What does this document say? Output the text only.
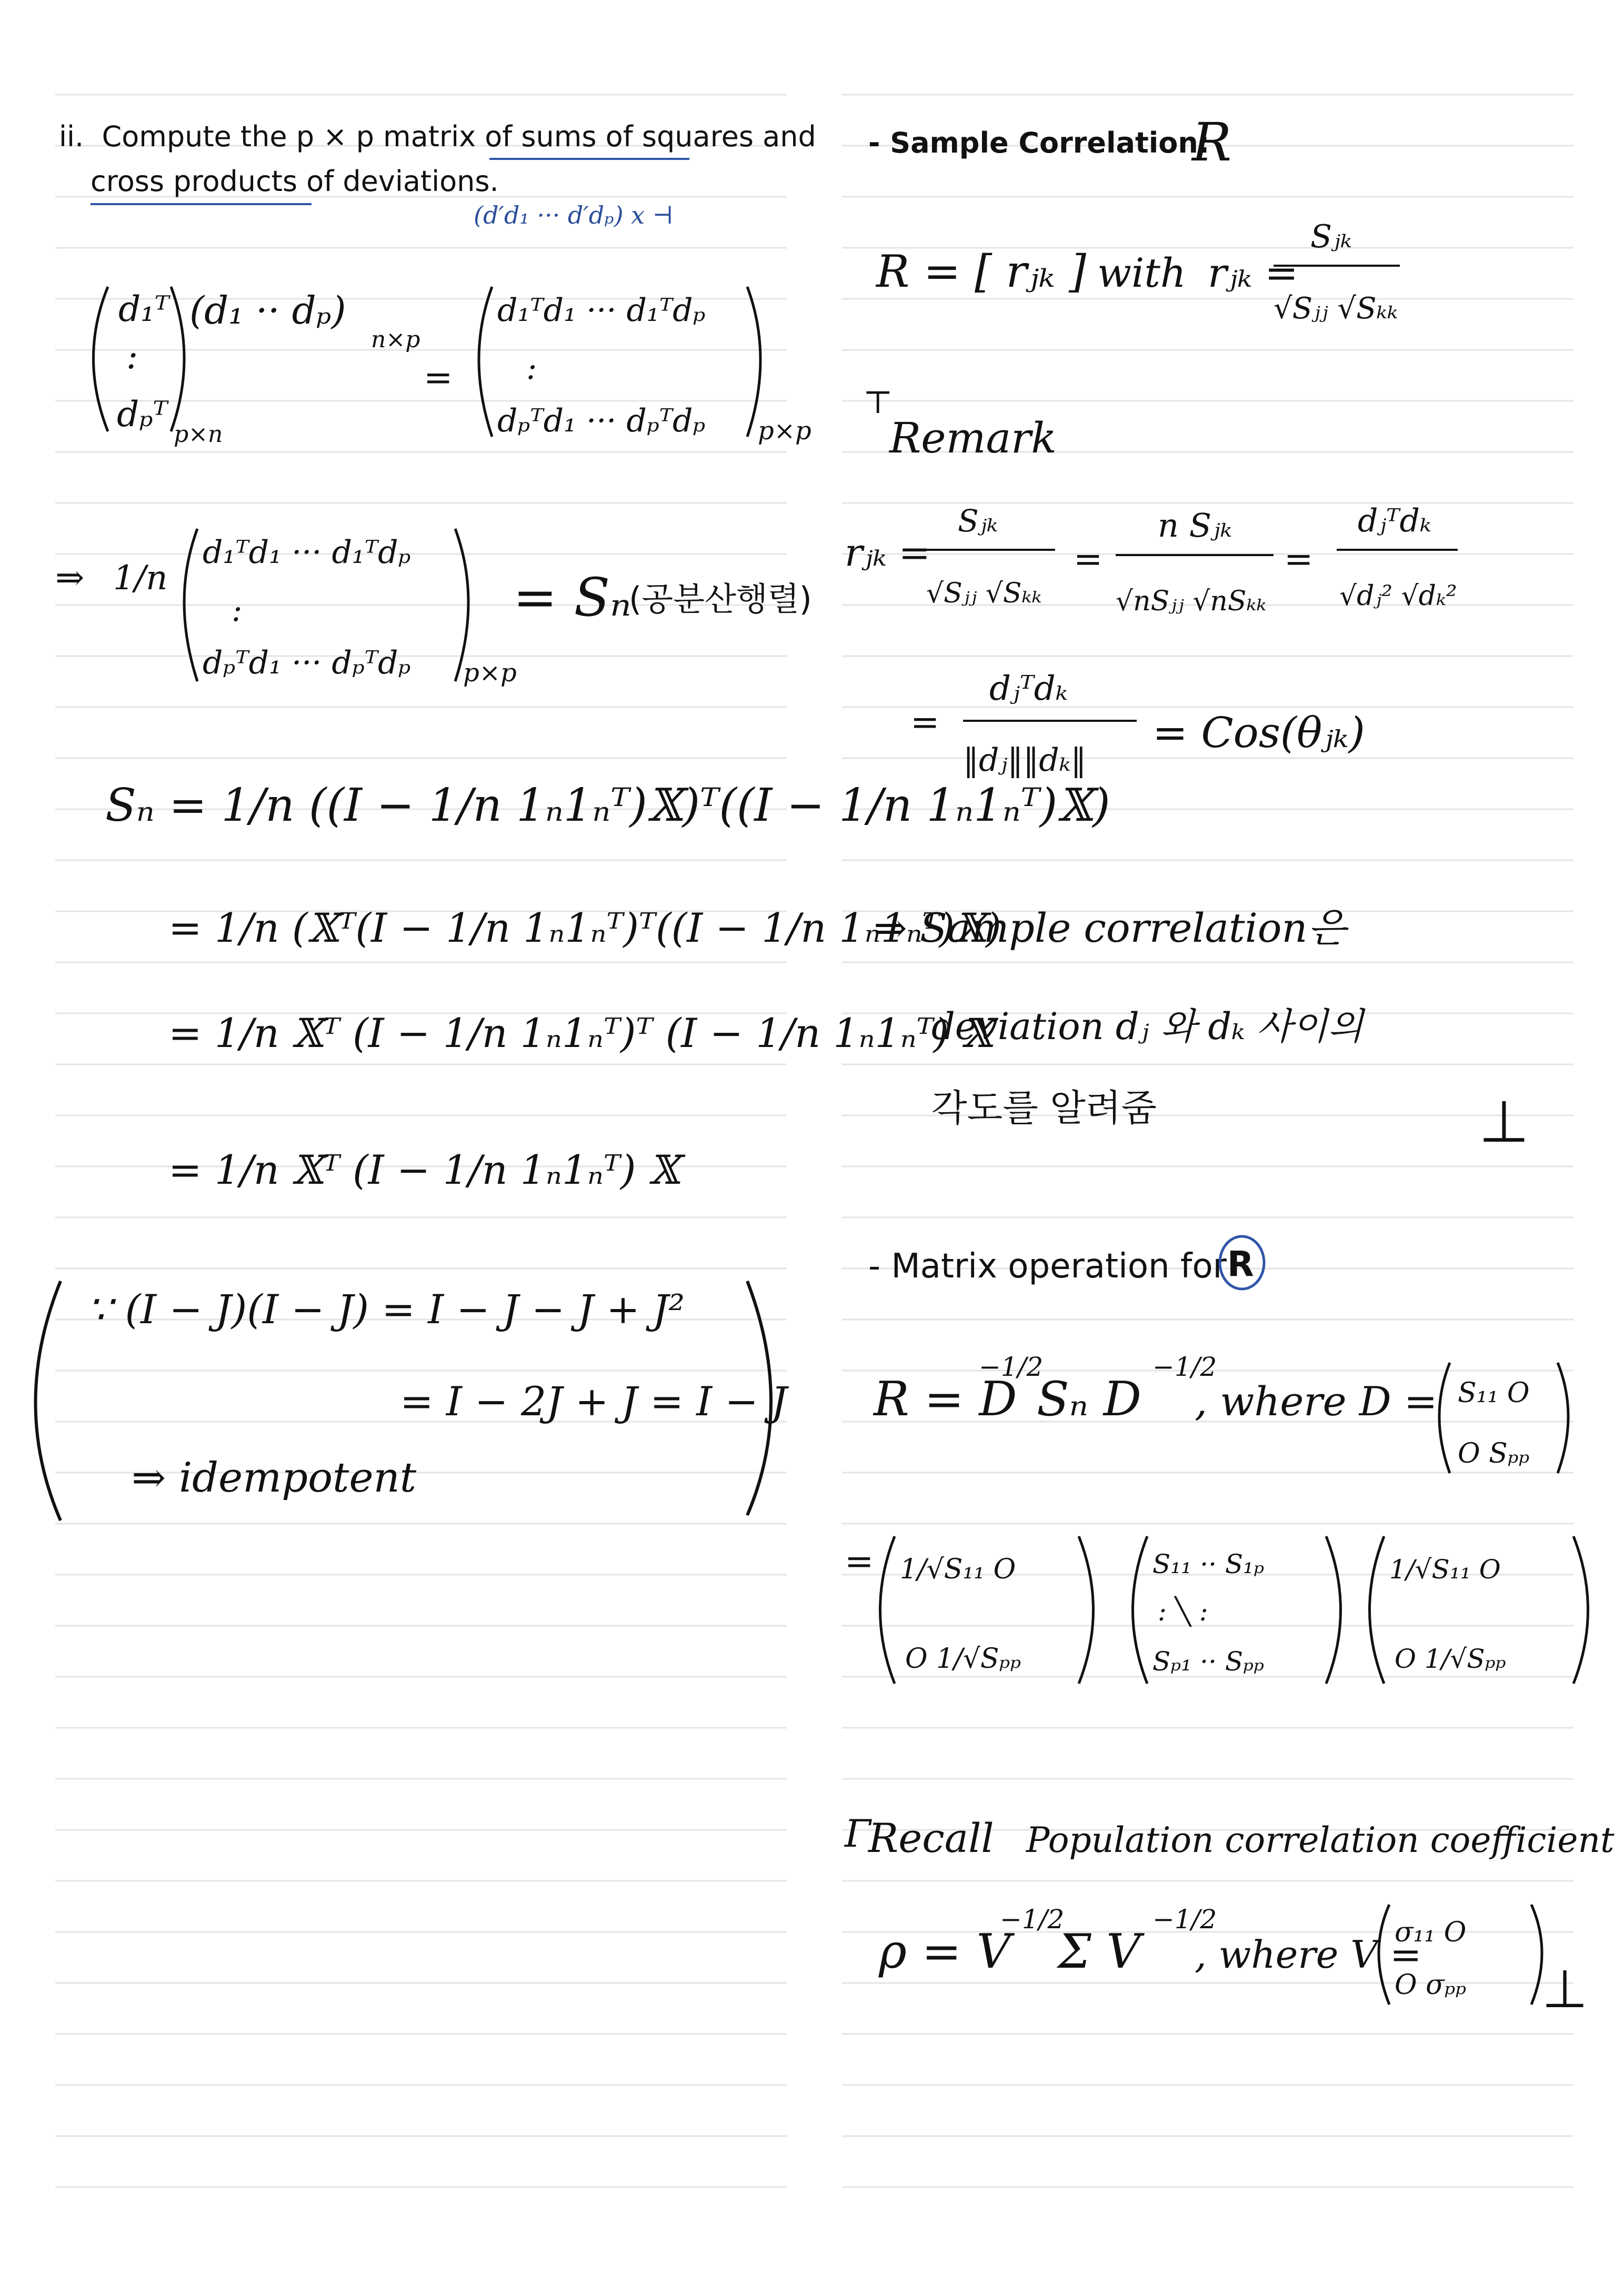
ii. Compute the p × p matrix of sums of squares and
cross products of deviations.
- Sample Correlation:
- Matrix operation for
(d′d₁ ··· d′dₚ) x ⊣
R
d₁ᵀ
:
dₚᵀ p×n
(d₁ ·· dₚ)
n×p
=
d₁ᵀd₁ ··· d₁ᵀdₚ
:
dₚᵀd₁ ··· dₚᵀdₚ p×p
⇒ 1/n
d₁ᵀd₁ ··· d₁ᵀdₚ
:
dₚᵀd₁ ··· dₚᵀdₚ p×p
= Sₙ
(공분산행렬)
Sₙ = 1/n ((I − 1/n 1ₙ1ₙᵀ)𝕏)ᵀ((I − 1/n 1ₙ1ₙᵀ)𝕏)
= 1/n (𝕏ᵀ(I − 1/n 1ₙ1ₙᵀ)ᵀ((I − 1/n 1ₙ1ₙᵀ)𝕏)
= 1/n 𝕏ᵀ (I − 1/n 1ₙ1ₙᵀ)ᵀ (I − 1/n 1ₙ1ₙᵀ) 𝕏
= 1/n 𝕏ᵀ (I − 1/n 1ₙ1ₙᵀ) 𝕏
∵ (I − J)(I − J) = I − J − J + J²
= I − 2J + J = I − J
⇒ idempotent
R = [ rⱼₖ ] with rⱼₖ =
Sⱼₖ
√Sⱼⱼ √Sₖₖ
⊤
Remark
rⱼₖ =
Sⱼₖ
√Sⱼⱼ √Sₖₖ
=
n Sⱼₖ
√nSⱼⱼ √nSₖₖ
=
dⱼᵀdₖ
√dⱼ² √dₖ²
=
dⱼᵀdₖ
‖dⱼ‖‖dₖ‖
= Cos(θⱼₖ)
⇒ Sample correlation은
deviation dⱼ 와 dₖ 사이의
각도를 알려줌	⊥
R
R = D
−1/2
Sₙ D
−1/2
, where D = S₁₁ O
O Sₚₚ
= 1/√S₁₁ O
O 1/√Sₚₚ
S₁₁ ·· S₁ₚ
: ╲ :
Sₚ₁ ·· Sₚₚ
1/√S₁₁ O
O 1/√Sₚₚ
Γ
Recall Population correlation coefficient
ρ = V
−1/2
Σ V
−1/2
, where V =
σ₁₁ O
O σₚₚ ⊥
